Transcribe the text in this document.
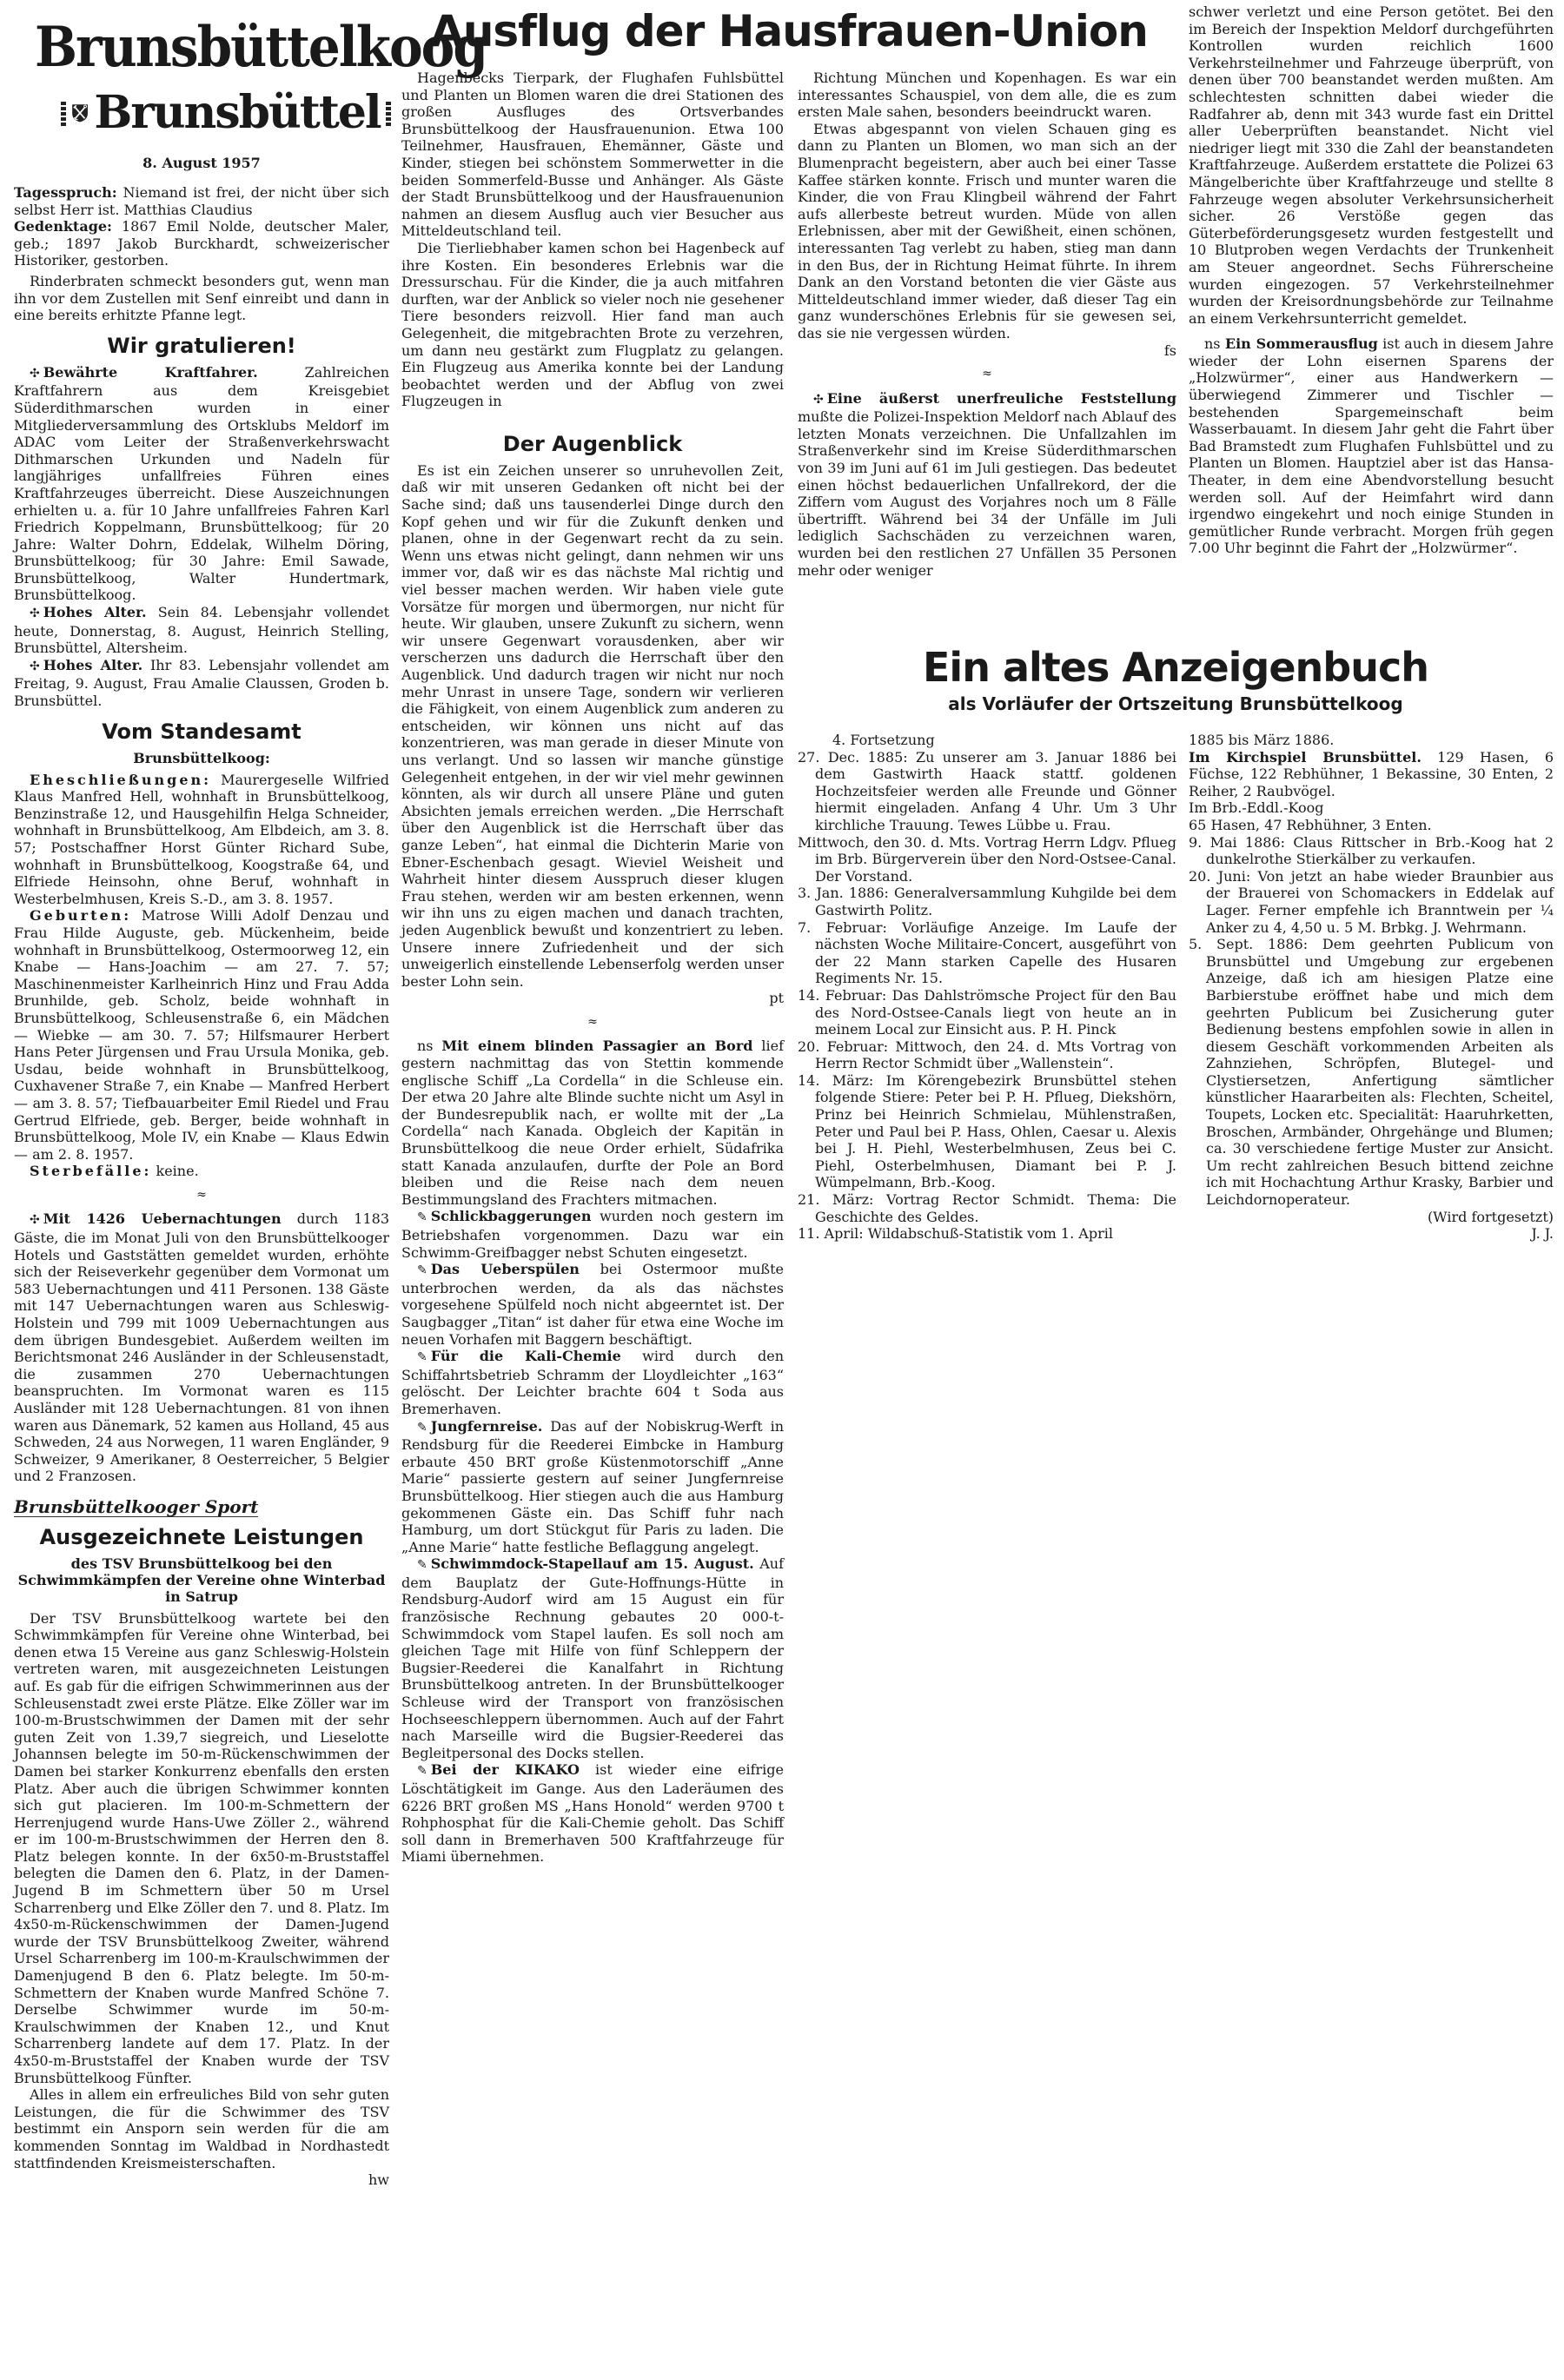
Brunsbüttelkoog
Brunsbüttel
8. August 1957

Tagesspruch: Niemand ist frei, der nicht über sich selbst Herr ist. Matthias Claudius

Gedenktage: 1867 Emil Nolde, deutscher Maler, geb.; 1897 Jakob Burckhardt, schweizerischer Historiker, gestorben.

Rinderbraten schmeckt besonders gut, wenn man ihn vor dem Zustellen mit Senf einreibt und dann in eine bereits erhitzte Pfanne legt.

Wir gratulieren!

✣ Bewährte Kraftfahrer. Zahlreichen Kraftfahrern aus dem Kreisgebiet Süderdithmarschen wurden in einer Mitgliederversammlung des Ortsklubs Meldorf im ADAC vom Leiter der Straßenverkehrswacht Dithmarschen Urkunden und Nadeln für langjähriges unfallfreies Führen eines Kraftfahrzeuges überreicht. Diese Auszeichnungen erhielten u. a. für 10 Jahre unfallfreies Fahren Karl Friedrich Koppelmann, Brunsbüttelkoog; für 20 Jahre: Walter Dohrn, Eddelak, Wilhelm Döring, Brunsbüttelkoog; für 30 Jahre: Emil Sawade, Brunsbüttelkoog, Walter Hundertmark, Brunsbüttelkoog.

✣ Hohes Alter. Sein 84. Lebensjahr vollendet heute, Donnerstag, 8. August, Heinrich Stelling, Brunsbüttel, Altersheim.

✣ Hohes Alter. Ihr 83. Lebensjahr vollendet am Freitag, 9. August, Frau Amalie Claussen, Groden b. Brunsbüttel.

Vom Standesamt
Brunsbüttelkoog:

Eheschließungen: Maurergeselle Wilfried Klaus Manfred Hell, wohnhaft in Brunsbüttelkoog, Benzinstraße 12, und Hausgehilfin Helga Schneider, wohnhaft in Brunsbüttelkoog, Am Elbdeich, am 3. 8. 57; Postschaffner Horst Günter Richard Sube, wohnhaft in Brunsbüttelkoog, Koogstraße 64, und Elfriede Heinsohn, ohne Beruf, wohnhaft in Westerbelmhusen, Kreis S.-D., am 3. 8. 1957.

Geburten: Matrose Willi Adolf Denzau und Frau Hilde Auguste, geb. Mückenheim, beide wohnhaft in Brunsbüttelkoog, Ostermoorweg 12, ein Knabe — Hans-Joachim — am 27. 7. 57; Maschinenmeister Karlheinrich Hinz und Frau Adda Brunhilde, geb. Scholz, beide wohnhaft in Brunsbüttelkoog, Schleusenstraße 6, ein Mädchen — Wiebke — am 30. 7. 57; Hilfsmaurer Herbert Hans Peter Jürgensen und Frau Ursula Monika, geb. Usdau, beide wohnhaft in Brunsbüttelkoog, Cuxhavener Straße 7, ein Knabe — Manfred Herbert — am 3. 8. 57; Tiefbauarbeiter Emil Riedel und Frau Gertrud Elfriede, geb. Berger, beide wohnhaft in Brunsbüttelkoog, Mole IV, ein Knabe — Klaus Edwin — am 2. 8. 1957.

Sterbefälle: keine.

≈

✣ Mit 1426 Uebernachtungen durch 1183 Gäste, die im Monat Juli von den Brunsbüttelkooger Hotels und Gaststätten gemeldet wurden, erhöhte sich der Reiseverkehr gegenüber dem Vormonat um 583 Uebernachtungen und 411 Personen. 138 Gäste mit 147 Uebernachtungen waren aus Schleswig-Holstein und 799 mit 1009 Uebernachtungen aus dem übrigen Bundesgebiet. Außerdem weilten im Berichtsmonat 246 Ausländer in der Schleusenstadt, die zusammen 270 Uebernachtungen beanspruchten. Im Vormonat waren es 115 Ausländer mit 128 Uebernachtungen. 81 von ihnen waren aus Dänemark, 52 kamen aus Holland, 45 aus Schweden, 24 aus Norwegen, 11 waren Engländer, 9 Schweizer, 9 Amerikaner, 8 Oesterreicher, 5 Belgier und 2 Franzosen.

Brunsbüttelkooger Sport
Ausgezeichnete Leistungen
des TSV Brunsbüttelkoog bei den Schwimmkämpfen der Vereine ohne Winterbad in Satrup

Der TSV Brunsbüttelkoog wartete bei den Schwimmkämpfen für Vereine ohne Winterbad, bei denen etwa 15 Vereine aus ganz Schleswig-Holstein vertreten waren, mit ausgezeichneten Leistungen auf. Es gab für die eifrigen Schwimmerinnen aus der Schleusenstadt zwei erste Plätze. Elke Zöller war im 100-m-Brustschwimmen der Damen mit der sehr guten Zeit von 1.39,7 siegreich, und Lieselotte Johannsen belegte im 50-m-Rückenschwimmen der Damen bei starker Konkurrenz ebenfalls den ersten Platz. Aber auch die übrigen Schwimmer konnten sich gut placieren. Im 100-m-Schmettern der Herrenjugend wurde Hans-Uwe Zöller 2., während er im 100-m-Brustschwimmen der Herren den 8. Platz belegen konnte. In der 6x50-m-Bruststaffel belegten die Damen den 6. Platz, in der Damen-Jugend B im Schmettern über 50 m Ursel Scharrenberg und Elke Zöller den 7. und 8. Platz. Im 4x50-m-Rückenschwimmen der Damen-Jugend wurde der TSV Brunsbüttelkoog Zweiter, während Ursel Scharrenberg im 100-m-Kraulschwimmen der Damenjugend B den 6. Platz belegte. Im 50-m-Schmettern der Knaben wurde Manfred Schöne 7. Derselbe Schwimmer wurde im 50-m-Kraulschwimmen der Knaben 12., und Knut Scharrenberg landete auf dem 17. Platz. In der 4x50-m-Bruststaffel der Knaben wurde der TSV Brunsbüttelkoog Fünfter.

Alles in allem ein erfreuliches Bild von sehr guten Leistungen, die für die Schwimmer des TSV bestimmt ein Ansporn sein werden für die am kommenden Sonntag im Waldbad in Nordhastedt stattfindenden Kreismeisterschaften.

hw
Ausflug der Hausfrauen-Union

Hagenbecks Tierpark, der Flughafen Fuhlsbüttel und Planten un Blomen waren die drei Stationen des großen Ausfluges des Ortsverbandes Brunsbüttelkoog der Hausfrauenunion. Etwa 100 Teilnehmer, Hausfrauen, Ehemänner, Gäste und Kinder, stiegen bei schönstem Sommerwetter in die beiden Sommerfeld-Busse und Anhänger. Als Gäste der Stadt Brunsbüttelkoog und der Hausfrauenunion nahmen an diesem Ausflug auch vier Besucher aus Mitteldeutschland teil.

Die Tierliebhaber kamen schon bei Hagenbeck auf ihre Kosten. Ein besonderes Erlebnis war die Dressurschau. Für die Kinder, die ja auch mitfahren durften, war der Anblick so vieler noch nie gesehener Tiere besonders reizvoll. Hier fand man auch Gelegenheit, die mitgebrachten Brote zu verzehren, um dann neu gestärkt zum Flugplatz zu gelangen. Ein Flugzeug aus Amerika konnte bei der Landung beobachtet werden und der Abflug von zwei Flugzeugen in

Der Augenblick

Es ist ein Zeichen unserer so unruhevollen Zeit, daß wir mit unseren Gedanken oft nicht bei der Sache sind; daß uns tausenderlei Dinge durch den Kopf gehen und wir für die Zukunft denken und planen, ohne in der Gegenwart recht da zu sein. Wenn uns etwas nicht gelingt, dann nehmen wir uns immer vor, daß wir es das nächste Mal richtig und viel besser machen werden. Wir haben viele gute Vorsätze für morgen und übermorgen, nur nicht für heute. Wir glauben, unsere Zukunft zu sichern, wenn wir unsere Gegenwart vorausdenken, aber wir verscherzen uns dadurch die Herrschaft über den Augenblick. Und dadurch tragen wir nicht nur noch mehr Unrast in unsere Tage, sondern wir verlieren die Fähigkeit, von einem Augenblick zum anderen zu entscheiden, wir können uns nicht auf das konzentrieren, was man gerade in dieser Minute von uns verlangt. Und so lassen wir manche günstige Gelegenheit entgehen, in der wir viel mehr gewinnen könnten, als wir durch all unsere Pläne und guten Absichten jemals erreichen werden. „Die Herrschaft über den Augenblick ist die Herrschaft über das ganze Leben“, hat einmal die Dichterin Marie von Ebner-Eschenbach gesagt. Wieviel Weisheit und Wahrheit hinter diesem Ausspruch dieser klugen Frau stehen, werden wir am besten erkennen, wenn wir ihn uns zu eigen machen und danach trachten, jeden Augenblick bewußt und konzentriert zu leben. Unsere innere Zufriedenheit und der sich unweigerlich einstellende Lebenserfolg werden unser bester Lohn sein.

pt
≈

ns Mit einem blinden Passagier an Bord lief gestern nachmittag das von Stettin kommende englische Schiff „La Cordella“ in die Schleuse ein. Der etwa 20 Jahre alte Blinde suchte nicht um Asyl in der Bundesrepublik nach, er wollte mit der „La Cordella“ nach Kanada. Obgleich der Kapitän in Brunsbüttelkoog die neue Order erhielt, Südafrika statt Kanada anzulaufen, durfte der Pole an Bord bleiben und die Reise nach dem neuen Bestimmungsland des Frachters mitmachen.

✎ Schlickbaggerungen wurden noch gestern im Betriebshafen vorgenommen. Dazu war ein Schwimm-Greifbagger nebst Schuten eingesetzt.

✎ Das Ueberspülen bei Ostermoor mußte unterbrochen werden, da als das nächstes vorgesehene Spülfeld noch nicht abgeerntet ist. Der Saugbagger „Titan“ ist daher für etwa eine Woche im neuen Vorhafen mit Baggern beschäftigt.

✎ Für die Kali-Chemie wird durch den Schiffahrtsbetrieb Schramm der Lloydleichter „163“ gelöscht. Der Leichter brachte 604 t Soda aus Bremerhaven.

✎ Jungfernreise. Das auf der Nobiskrug-Werft in Rendsburg für die Reederei Eimbcke in Hamburg erbaute 450 BRT große Küstenmotorschiff „Anne Marie“ passierte gestern auf seiner Jungfernreise Brunsbüttelkoog. Hier stiegen auch die aus Hamburg gekommenen Gäste ein. Das Schiff fuhr nach Hamburg, um dort Stückgut für Paris zu laden. Die „Anne Marie“ hatte festliche Beflaggung angelegt.

✎ Schwimmdock-Stapellauf am 15. August. Auf dem Bauplatz der Gute-Hoffnungs-Hütte in Rendsburg-Audorf wird am 15 August ein für französische Rechnung gebautes 20 000-t-Schwimmdock vom Stapel laufen. Es soll noch am gleichen Tage mit Hilfe von fünf Schleppern der Bugsier-Reederei die Kanalfahrt in Richtung Brunsbüttelkoog antreten. In der Brunsbüttelkooger Schleuse wird der Transport von französischen Hochseeschleppern übernommen. Auch auf der Fahrt nach Marseille wird die Bugsier-Reederei das Begleitpersonal des Docks stellen.

✎ Bei der KIKAKO ist wieder eine eifrige Löschtätigkeit im Gange. Aus den Laderäumen des 6226 BRT großen MS „Hans Honold“ werden 9700 t Rohphosphat für die Kali-Chemie geholt. Das Schiff soll dann in Bremerhaven 500 Kraftfahrzeuge für Miami übernehmen.

Richtung München und Kopenhagen. Es war ein interessantes Schauspiel, von dem alle, die es zum ersten Male sahen, besonders beeindruckt waren.

Etwas abgespannt von vielen Schauen ging es dann zu Planten un Blomen, wo man sich an der Blumenpracht begeistern, aber auch bei einer Tasse Kaffee stärken konnte. Frisch und munter waren die Kinder, die von Frau Klingbeil während der Fahrt aufs allerbeste betreut wurden. Müde von allen Erlebnissen, aber mit der Gewißheit, einen schönen, interessanten Tag verlebt zu haben, stieg man dann in den Bus, der in Richtung Heimat führte. In ihrem Dank an den Vorstand betonten die vier Gäste aus Mitteldeutschland immer wieder, daß dieser Tag ein ganz wunderschönes Erlebnis für sie gewesen sei, das sie nie vergessen würden.

fs
≈

✣ Eine äußerst unerfreuliche Feststellung mußte die Polizei-Inspektion Meldorf nach Ablauf des letzten Monats verzeichnen. Die Unfallzahlen im Straßenverkehr sind im Kreise Süderdithmarschen von 39 im Juni auf 61 im Juli gestiegen. Das bedeutet einen höchst bedauerlichen Unfallrekord, der die Ziffern vom August des Vorjahres noch um 8 Fälle übertrifft. Während bei 34 der Unfälle im Juli lediglich Sachschäden zu verzeichnen waren, wurden bei den restlichen 27 Unfällen 35 Personen mehr oder weniger

schwer verletzt und eine Person getötet. Bei den im Bereich der Inspektion Meldorf durchgeführten Kontrollen wurden reichlich 1600 Verkehrsteilnehmer und Fahrzeuge überprüft, von denen über 700 beanstandet werden mußten. Am schlechtesten schnitten dabei wieder die Radfahrer ab, denn mit 343 wurde fast ein Drittel aller Ueberprüften beanstandet. Nicht viel niedriger liegt mit 330 die Zahl der beanstandeten Kraftfahrzeuge. Außerdem erstattete die Polizei 63 Mängelberichte über Kraftfahrzeuge und stellte 8 Fahrzeuge wegen absoluter Verkehrsunsicherheit sicher. 26 Verstöße gegen das Güterbeförderungsgesetz wurden festgestellt und 10 Blutproben wegen Verdachts der Trunkenheit am Steuer angeordnet. Sechs Führerscheine wurden eingezogen. 57 Verkehrsteilnehmer wurden der Kreisordnungsbehörde zur Teilnahme an einem Verkehrsunterricht gemeldet.

ns Ein Sommerausflug ist auch in diesem Jahre wieder der Lohn eisernen Sparens der „Holzwürmer“, einer aus Handwerkern — überwiegend Zimmerer und Tischler — bestehenden Spargemeinschaft beim Wasserbauamt. In diesem Jahr geht die Fahrt über Bad Bramstedt zum Flughafen Fuhlsbüttel und zu Planten un Blomen. Hauptziel aber ist das Hansa-Theater, in dem eine Abendvorstellung besucht werden soll. Auf der Heimfahrt wird dann irgendwo eingekehrt und noch einige Stunden in gemütlicher Runde verbracht. Morgen früh gegen 7.00 Uhr beginnt die Fahrt der „Holzwürmer“.

Ein altes Anzeigenbuch
als Vorläufer der Ortszeitung Brunsbüttelkoog

4. Fortsetzung

27. Dec. 1885: Zu unserer am 3. Januar 1886 bei dem Gastwirth Haack stattf. goldenen Hochzeitsfeier werden alle Freunde und Gönner hiermit eingeladen. Anfang 4 Uhr. Um 3 Uhr kirchliche Trauung. Tewes Lübbe u. Frau.

Mittwoch, den 30. d. Mts. Vortrag Herrn Ldgv. Pflueg im Brb. Bürgerverein über den Nord-Ostsee-Canal. Der Vorstand.

3. Jan. 1886: Generalversammlung Kuhgilde bei dem Gastwirth Politz.

7. Februar: Vorläufige Anzeige. Im Laufe der nächsten Woche Militaire-Concert, ausgeführt von der 22 Mann starken Capelle des Husaren Regiments Nr. 15.

14. Februar: Das Dahlströmsche Project für den Bau des Nord-Ostsee-Canals liegt von heute an in meinem Local zur Einsicht aus. P. H. Pinck

20. Februar: Mittwoch, den 24. d. Mts Vortrag von Herrn Rector Schmidt über „Wallenstein“.

14. März: Im Körengebezirk Brunsbüttel stehen folgende Stiere: Peter bei P. H. Pflueg, Diekshörn, Prinz bei Heinrich Schmielau, Mühlenstraßen, Peter und Paul bei P. Hass, Ohlen, Caesar u. Alexis bei J. H. Piehl, Westerbelmhusen, Zeus bei C. Piehl, Osterbelmhusen, Diamant bei P. J. Wümpelmann, Brb.-Koog.

21. März: Vortrag Rector Schmidt. Thema: Die Geschichte des Geldes.

11. April: Wildabschuß-Statistik vom 1. April

1885 bis März 1886.

Im Kirchspiel Brunsbüttel. 129 Hasen, 6 Füchse, 122 Rebhühner, 1 Bekassine, 30 Enten, 2 Reiher, 2 Raubvögel.

Im Brb.-Eddl.-Koog

65 Hasen, 47 Rebhühner, 3 Enten.

9. Mai 1886: Claus Rittscher in Brb.-Koog hat 2 dunkelrothe Stierkälber zu verkaufen.

20. Juni: Von jetzt an habe wieder Braunbier aus der Brauerei von Schomackers in Eddelak auf Lager. Ferner empfehle ich Branntwein per ¼ Anker zu 4, 4,50 u. 5 M. Brbkg. J. Wehrmann.

5. Sept. 1886: Dem geehrten Publicum von Brunsbüttel und Umgebung zur ergebenen Anzeige, daß ich am hiesigen Platze eine Barbierstube eröffnet habe und mich dem geehrten Publicum bei Zusicherung guter Bedienung bestens empfohlen sowie in allen in diesem Geschäft vorkommenden Arbeiten als Zahnziehen, Schröpfen, Blutegel- und Clystiersetzen, Anfertigung sämtlicher künstlicher Haararbeiten als: Flechten, Scheitel, Toupets, Locken etc. Specialität: Haaruhrketten, Broschen, Armbänder, Ohrgehänge und Blumen; ca. 30 verschiedene fertige Muster zur Ansicht. Um recht zahlreichen Besuch bittend zeichne ich mit Hochachtung Arthur Krasky, Barbier und Leichdornoperateur.

(Wird fortgesetzt)
J. J.
